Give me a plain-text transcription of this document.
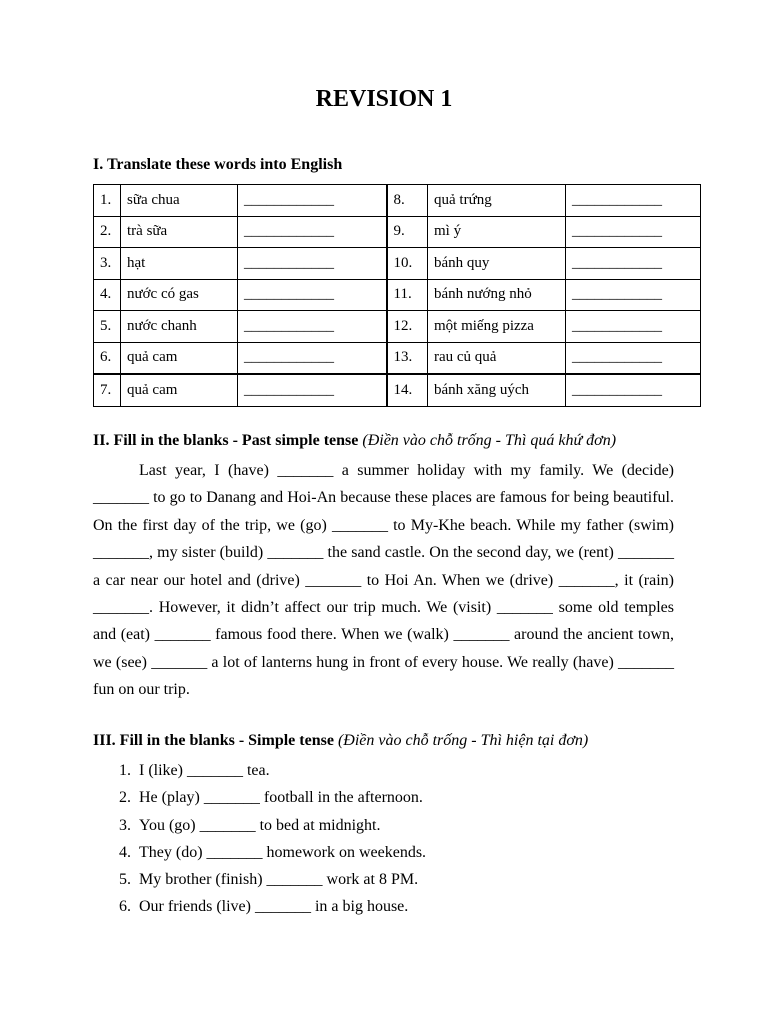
REVISION 1
I. Translate these words into English
1.	sữa chua	____________	8.	quả trứng	____________
2.	trà sữa	____________	9.	mì ý	____________
3.	hạt	____________	10.	bánh quy	____________
4.	nước có gas	____________	11.	bánh nướng nhỏ	____________
5.	nước chanh	____________	12.	một miếng pizza	____________
6.	quả cam	____________	13.	rau củ quả	____________
7.	quả cam	____________	14.	bánh xăng uých	____________
II. Fill in the blanks - Past simple tense (Điền vào chỗ trống - Thì quá khứ đơn)
Last year, I (have) _______ a summer holiday with my family. We (decide) _______ to go to Danang and Hoi-An because these places are famous for being beautiful. On the first day of the trip, we (go) _______ to My-Khe beach. While my father (swim) _______, my sister (build) _______ the sand castle. On the second day, we (rent) _______ a car near our hotel and (drive) _______ to Hoi An. When we (drive) _______, it (rain) _______. However, it didn’t affect our trip much. We (visit) _______ some old temples and (eat) _______ famous food there. When we (walk) _______ around the ancient town, we (see) _______ a lot of lanterns hung in front of every house. We really (have) _______ fun on our trip.
III. Fill in the blanks - Simple tense (Điền vào chỗ trống - Thì hiện tại đơn)
1. I (like) _______ tea.
2. He (play) _______ football in the afternoon.
3. You (go) _______ to bed at midnight.
4. They (do) _______ homework on weekends.
5. My brother (finish) _______ work at 8 PM.
6. Our friends (live) _______ in a big house.
